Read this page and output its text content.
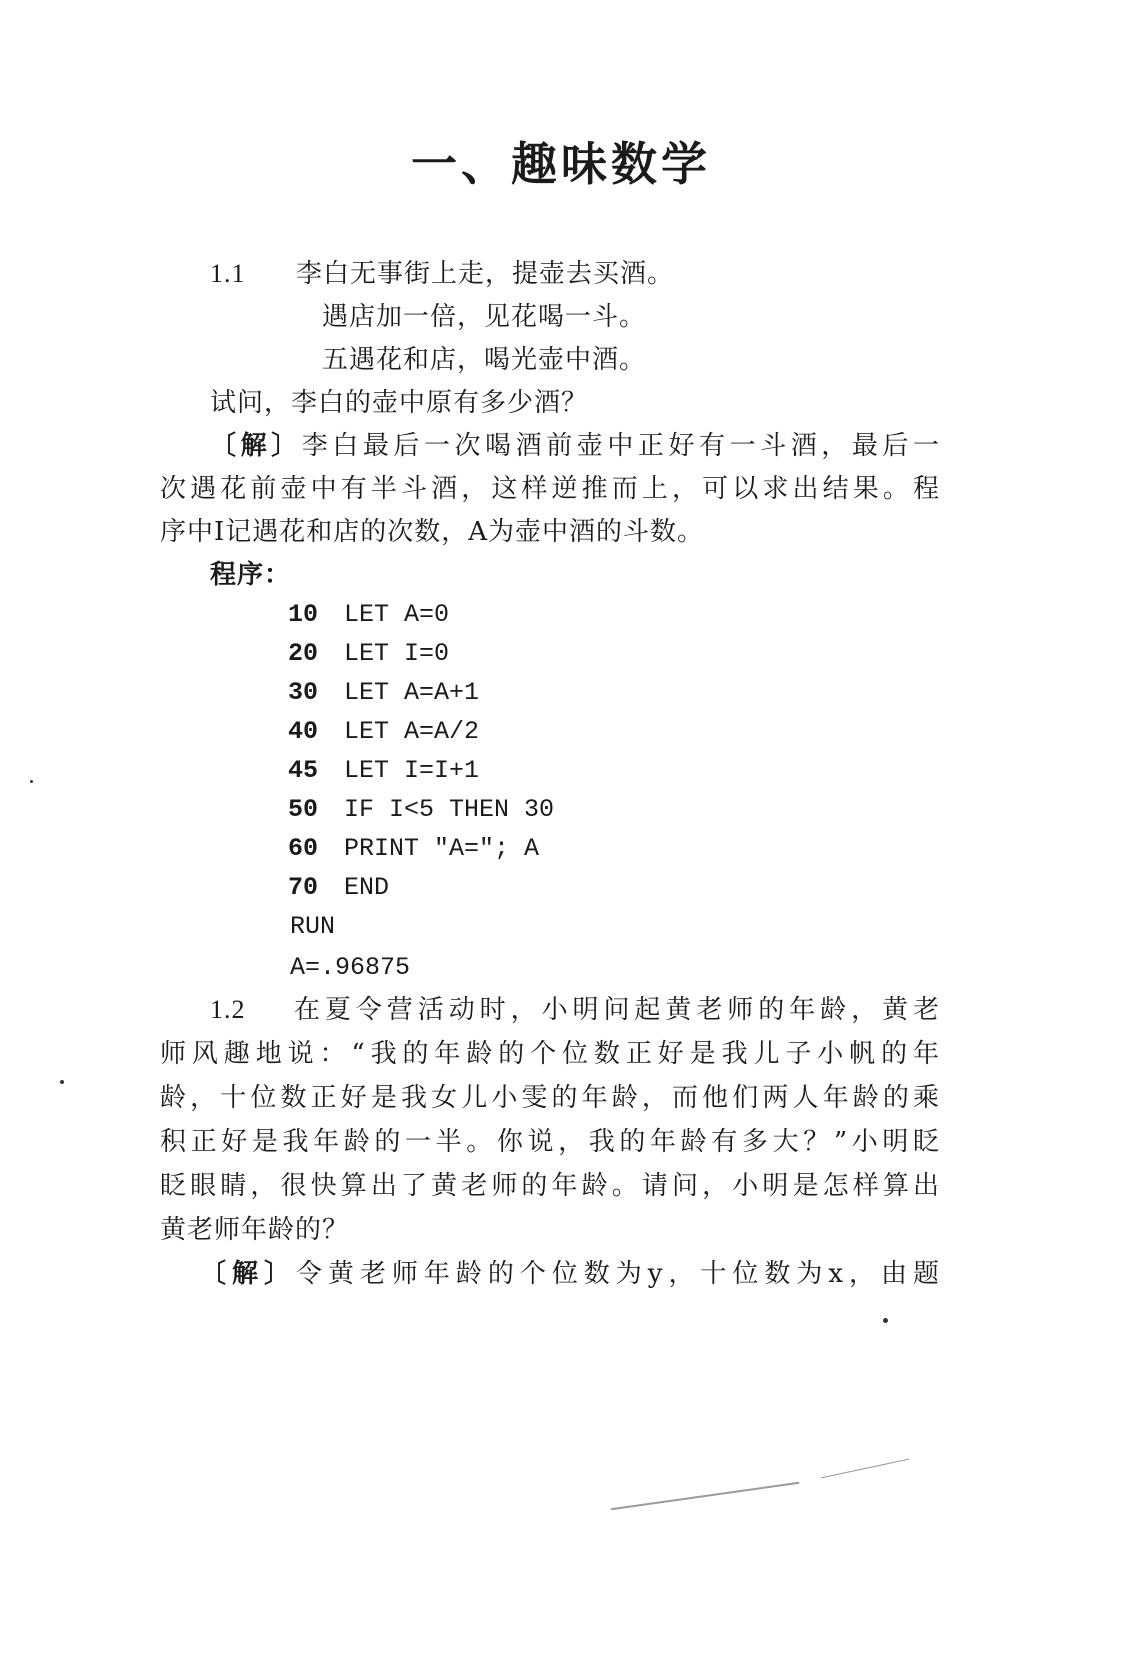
一、趣味数学
1.1 李白无事街上走，提壶去买酒。
遇店加一倍，见花喝一斗。
五遇花和店，喝光壶中酒。
试问，李白的壶中原有多少酒？
〔解〕李白最后一次喝酒前壶中正好有一斗酒，最后一
次遇花前壶中有半斗酒，这样逆推而上，可以求出结果。程
序中I记遇花和店的次数，A为壶中酒的斗数。
程序：
10 LET A=0
20 LET I=0
30 LET A=A+1
40 LET A=A/2
45 LET I=I+1
50 IF I<5 THEN 30
60 PRINT "A="; A
70 END
RUN
A=.96875
1.2 在夏令营活动时，小明问起黄老师的年龄，黄老
师风趣地说：“我的年龄的个位数正好是我儿子小帆的年
龄，十位数正好是我女儿小雯的年龄，而他们两人年龄的乘
积正好是我年龄的一半。你说，我的年龄有多大？”小明眨
眨眼睛，很快算出了黄老师的年龄。请问，小明是怎样算出
黄老师年龄的？
〔解〕令黄老师年龄的个位数为y，十位数为x，由题
